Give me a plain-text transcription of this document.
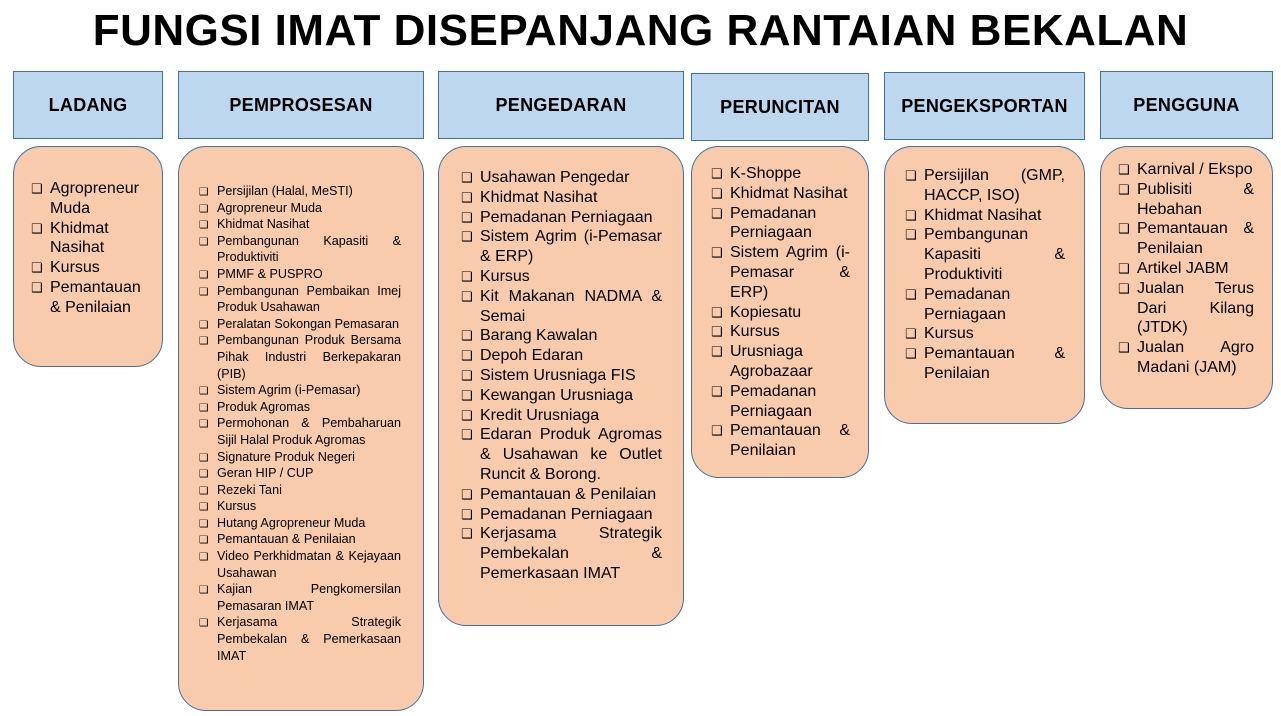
FUNGSI IMAT DISEPANJANG RANTAIAN BEKALAN
LADANG
❑ Agropreneur Muda
❑ Khidmat Nasihat
❑ Kursus
❑ Pemantauan & Penilaian
PEMPROSESAN
❑ Persijilan (Halal, MeSTI)
❑ Agropreneur Muda
❑ Khidmat Nasihat
❑ Pembangunan Kapasiti & Produktiviti
❑ PMMF & PUSPRO
❑ Pembangunan Pembaikan Imej Produk Usahawan
❑ Peralatan Sokongan Pemasaran
❑ Pembangunan Produk Bersama Pihak Industri Berkepakaran (PIB)
❑ Sistem Agrim (i-Pemasar)
❑ Produk Agromas
❑ Permohonan & Pembaharuan Sijil Halal Produk Agromas
❑ Signature Produk Negeri
❑ Geran HIP / CUP
❑ Rezeki Tani
❑ Kursus
❑ Hutang Agropreneur Muda
❑ Pemantauan & Penilaian
❑ Video Perkhidmatan & Kejayaan Usahawan
❑ Kajian Pengkomersilan Pemasaran IMAT
❑ Kerjasama Strategik Pembekalan & Pemerkasaan IMAT
PENGEDARAN
❑ Usahawan Pengedar
❑ Khidmat Nasihat
❑ Pemadanan Perniagaan
❑ Sistem Agrim (i-Pemasar & ERP)
❑ Kursus
❑ Kit Makanan NADMA & Semai
❑ Barang Kawalan
❑ Depoh Edaran
❑ Sistem Urusniaga FIS
❑ Kewangan Urusniaga
❑ Kredit Urusniaga
❑ Edaran Produk Agromas & Usahawan ke Outlet Runcit & Borong.
❑ Pemantauan & Penilaian
❑ Pemadanan Perniagaan
❑ Kerjasama Strategik Pembekalan & Pemerkasaan IMAT
PERUNCITAN
❑ K-Shoppe
❑ Khidmat Nasihat
❑ Pemadanan Perniagaan
❑ Sistem Agrim (i-Pemasar & ERP)
❑ Kopiesatu
❑ Kursus
❑ Urusniaga Agrobazaar
❑ Pemadanan Perniagaan
❑ Pemantauan & Penilaian
PENGEKSPORTAN
❑ Persijilan (GMP, HACCP, ISO)
❑ Khidmat Nasihat
❑ Pembangunan Kapasiti & Produktiviti
❑ Pemadanan Perniagaan
❑ Kursus
❑ Pemantauan & Penilaian
PENGGUNA
❑ Karnival / Ekspo
❑ Publisiti & Hebahan
❑ Pemantauan & Penilaian
❑ Artikel JABM
❑ Jualan Terus Dari Kilang (JTDK)
❑ Jualan Agro Madani (JAM)
